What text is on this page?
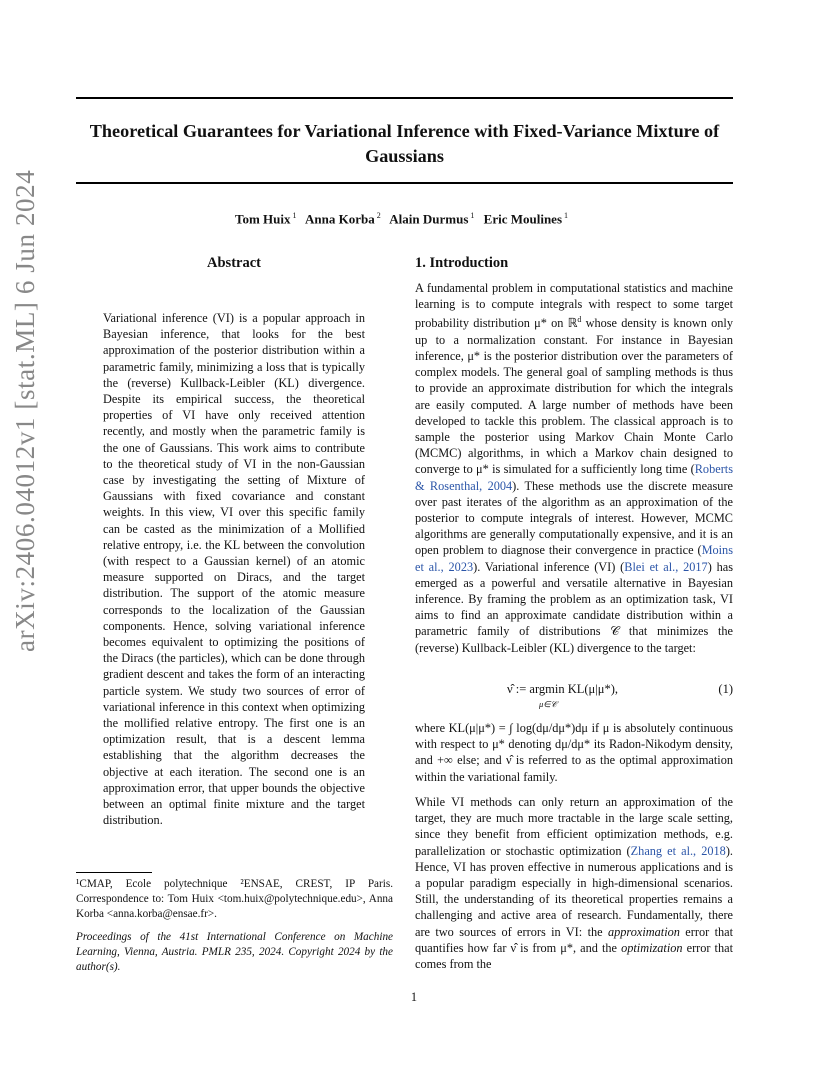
Theoretical Guarantees for Variational Inference with Fixed-Variance Mixture of Gaussians
Tom Huix $^1$ Anna Korba $^2$ Alain Durmus $^1$ Eric Moulines $^1$
arXiv:2406.04012v1 [stat.ML] 6 Jun 2024	Abstract

Variational inference (VI) is a popular approach in Bayesian inference, that looks for the best approximation of the posterior distribution within a parametric family, minimizing a loss that is typically the (reverse) Kullback-Leibler (KL) divergence. Despite its empirical success, the theoretical properties of VI have only received attention recently, and mostly when the parametric family is the one of Gaussians. This work aims to contribute to the theoretical study of VI in the non-Gaussian case by investigating the setting of Mixture of Gaussians with fixed covariance and constant weights. In this view, VI over this specific family can be casted as the minimization of a Mollified relative entropy, i.e. the KL between the convolution (with respect to a Gaussian kernel) of an atomic measure supported on Diracs, and the target distribution. The support of the atomic measure corresponds to the localization of the Gaussian components. Hence, solving variational inference becomes equivalent to optimizing the positions of the Diracs (the particles), which can be done through gradient descent and takes the form of an interacting particle system. We study two sources of error of variational inference in this context when optimizing the mollified relative entropy. The first one is an optimization result, that is a descent lemma establishing that the algorithm decreases the objective at each iteration. The second one is an approximation error, that upper bounds the objective between an optimal finite mixture and the target distribution.

1. Introduction

A fundamental problem in computational statistics and machine learning is to compute integrals with respect to some target probability distribution μ* on ℝ$^d$ whose density is known only up to a normalization constant. For instance in Bayesian inference, μ* is the posterior distribution over the parameters of complex models. The general goal of sampling methods is thus to provide an approximate distribution for which the integrals are easily computed. A large number of methods have been developed to tackle this problem. The classical approach is to sample the posterior using Markov Chain Monte Carlo (MCMC) algorithms, in which a Markov chain designed to converge to μ* is simulated for a sufficiently long time (Roberts & Rosenthal, 2004). These methods use the discrete measure over past iterates of the algorithm as an approximation of the posterior to compute integrals of interest. However, MCMC algorithms are generally computationally expensive, and it is an open problem to diagnose their convergence in practice (Moins et al., 2023). Variational inference (VI) (Blei et al., 2017) has emerged as a powerful and versatile alternative in Bayesian inference. By framing the problem as an optimization task, VI aims to find an approximate candidate distribution within a parametric family of distributions 𝒞 that minimizes the (reverse) Kullback-Leibler (KL) divergence to the target:

ν̂ := argmin KL(μ|μ*),
μ∈𝒞
(1)

where KL(μ|μ*) = ∫ log(dμ/dμ*)dμ if μ is absolutely continuous with respect to μ* denoting dμ/dμ* its Radon-Nikodym density, and +∞ else; and ν̂ is referred to as the optimal approximation within the variational family.

While VI methods can only return an approximation of the target, they are much more tractable in the large scale setting, since they benefit from efficient optimization methods, e.g. parallelization or stochastic optimization (Zhang et al., 2018). Hence, VI has proven effective in numerous applications and is a popular paradigm especially in high-dimensional scenarios. Still, the understanding of its theoretical properties remains a challenging and active area of research. Fundamentally, there are two sources of errors in VI: the approximation error that quantifies how far ν̂ is from μ*, and the optimization error that comes from the

¹CMAP, Ecole polytechnique ²ENSAE, CREST, IP Paris. Correspondence to: Tom Huix <tom.huix@polytechnique.edu>, Anna Korba <anna.korba@ensae.fr>.
Proceedings of the 41st International Conference on Machine Learning, Vienna, Austria. PMLR 235, 2024. Copyright 2024 by the author(s).
1
